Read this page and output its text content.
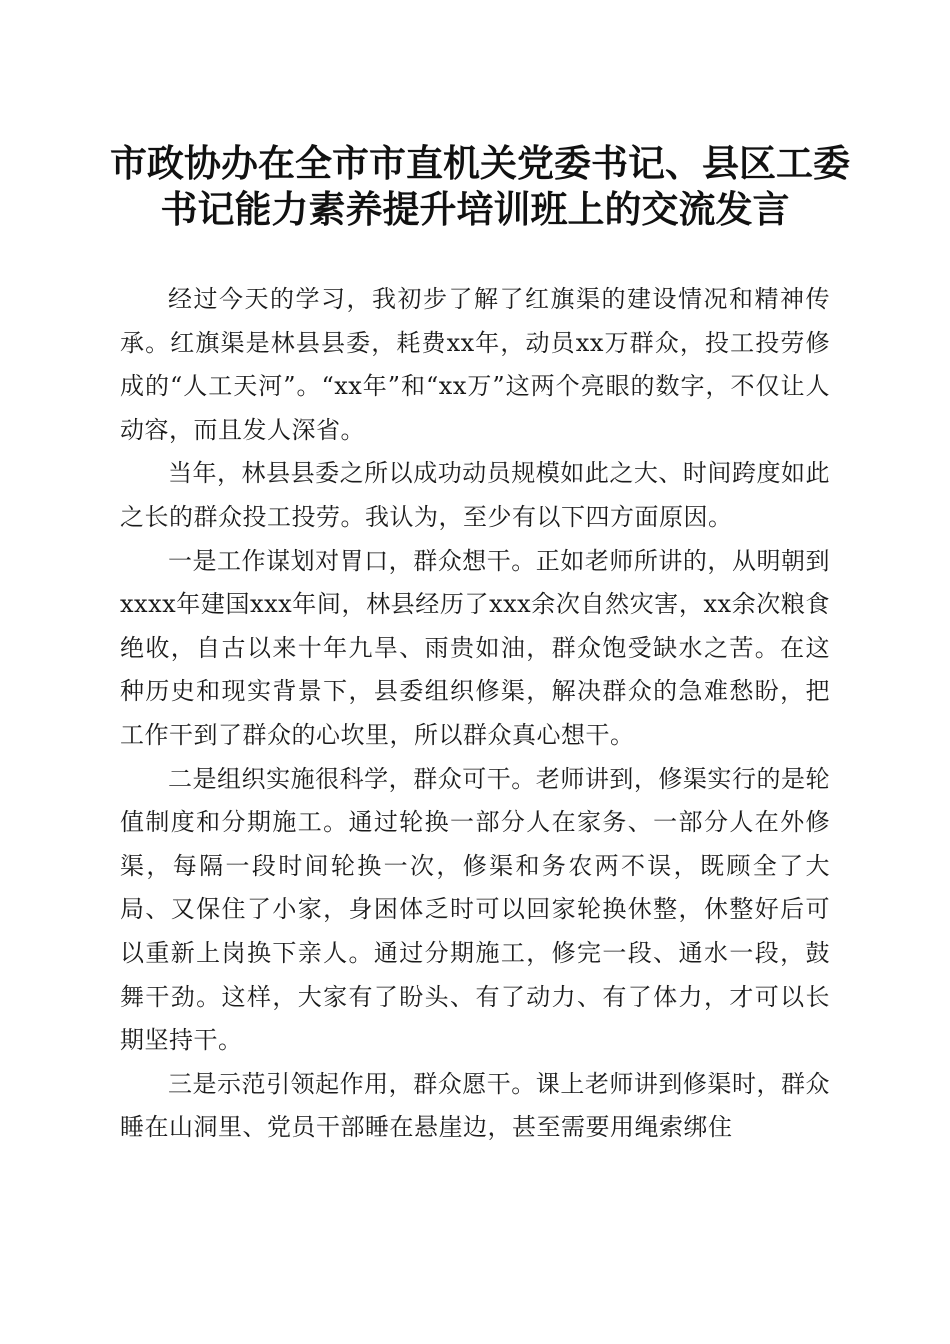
市政协办在全市市直机关党委书记、县区工委
书记能力素养提升培训班上的交流发言

经过今天的学习，我初步了解了红旗渠的建设情况和精神传承。红旗渠是林县县委，耗费xx年，动员xx万群众，投工投劳修成的“人工天河”。“xx年”和“xx万”这两个亮眼的数字，不仅让人动容，而且发人深省。

当年，林县县委之所以成功动员规模如此之大、时间跨度如此之长的群众投工投劳。我认为，至少有以下四方面原因。

一是工作谋划对胃口，群众想干。正如老师所讲的，从明朝到xxxx年建国xxx年间，林县经历了xxx余次自然灾害，xx余次粮食绝收，自古以来十年九旱、雨贵如油，群众饱受缺水之苦。在这种历史和现实背景下，县委组织修渠，解决群众的急难愁盼，把工作干到了群众的心坎里，所以群众真心想干。

二是组织实施很科学，群众可干。老师讲到，修渠实行的是轮值制度和分期施工。通过轮换一部分人在家务、一部分人在外修渠，每隔一段时间轮换一次，修渠和务农两不误，既顾全了大局、又保住了小家，身困体乏时可以回家轮换休整，休整好后可以重新上岗换下亲人。通过分期施工，修完一段、通水一段，鼓舞干劲。这样，大家有了盼头、有了动力、有了体力，才可以长期坚持干。

三是示范引领起作用，群众愿干。课上老师讲到修渠时，群众睡在山洞里、党员干部睡在悬崖边，甚至需要用绳索绑住
